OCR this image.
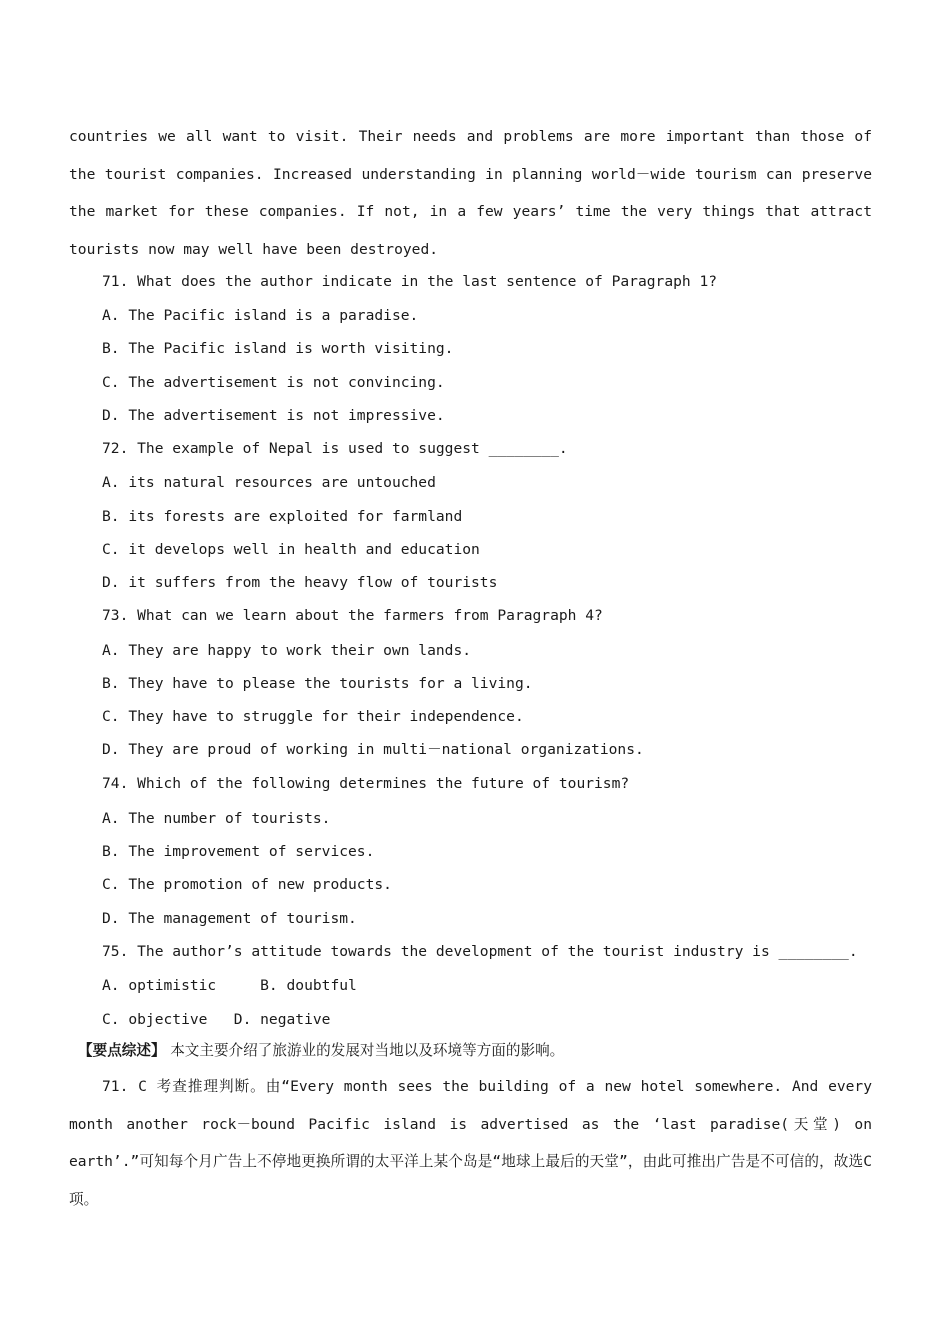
countries we all want to visit. Their needs and problems are more important than those of the tourist companies. Increased understanding in planning world－wide tourism can preserve the market for these companies. If not, in a few years’ time the very things that attract tourists now may well have been destroyed.

71. What does the author indicate in the last sentence of Paragraph 1?

A. The Pacific island is a paradise.

B. The Pacific island is worth visiting.

C. The advertisement is not convincing.

D. The advertisement is not impressive.

72. The example of Nepal is used to suggest ________.

A. its natural resources are untouched

B. its forests are exploited for farmland

C. it develops well in health and education

D. it suffers from the heavy flow of tourists

73. What can we learn about the farmers from Paragraph 4?

A. They are happy to work their own lands.

B. They have to please the tourists for a living.

C. They have to struggle for their independence.

D. They are proud of working in multi－national organizations.

74. Which of the following determines the future of tourism?

A. The number of tourists.

B. The improvement of services.

C. The promotion of new products.

D. The management of tourism.

75. The author’s attitude towards the development of the tourist industry is ________.

A. optimistic     B. doubtful

C. objective   D. negative

【要点综述】 本文主要介绍了旅游业的发展对当地以及环境等方面的影响。

71. C 考查推理判断。由“Every month sees the building of a new hotel somewhere. And every month another rock－bound Pacific island is advertised as the ‘last paradise(天堂) on earth’.”可知每个月广告上不停地更换所谓的太平洋上某个岛是“地球上最后的天堂”，由此可推出广告是不可信的，故选C项。
